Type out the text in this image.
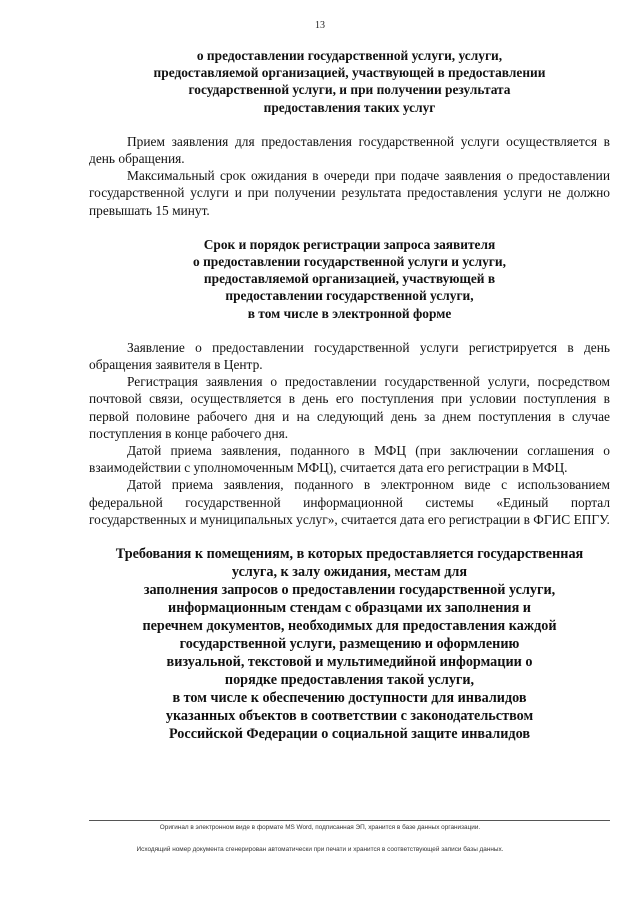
13
о предоставлении государственной услуги, услуги,
предоставляемой организацией, участвующей в предоставлении
государственной услуги, и при получении результата
предоставления таких услуг

Прием заявления для предоставления государственной услуги осуществляется в день обращения.

Максимальный срок ожидания в очереди при подаче заявления о предоставлении государственной услуги и при получении результата предоставления услуги не должно превышать 15 минут.

Срок и порядок регистрации запроса заявителя
о предоставлении государственной услуги и услуги,
предоставляемой организацией, участвующей в
предоставлении государственной услуги,
в том числе в электронной форме

Заявление о предоставлении государственной услуги регистрируется в день обращения заявителя в Центр.

Регистрация заявления о предоставлении государственной услуги, посредством почтовой связи, осуществляется в день его поступления при условии поступления в первой половине рабочего дня и на следующий день за днем поступления в случае поступления в конце рабочего дня.

Датой приема заявления, поданного в МФЦ (при заключении соглашения о взаимодействии с уполномоченным МФЦ), считается дата его регистрации в МФЦ.

Датой приема заявления, поданного в электронном виде с использованием федеральной государственной информационной системы «Единый портал государственных и муниципальных услуг», считается дата его регистрации в ФГИС ЕПГУ.

Требования к помещениям, в которых предоставляется государственная
услуга, к залу ожидания, местам для
заполнения запросов о предоставлении государственной услуги,
информационным стендам с образцами их заполнения и
перечнем документов, необходимых для предоставления каждой
государственной услуги, размещению и оформлению
визуальной, текстовой и мультимедийной информации о
порядке предоставления такой услуги,
в том числе к обеспечению доступности для инвалидов
указанных объектов в соответствии с законодательством
Российской Федерации о социальной защите инвалидов
Оригинал в электронном виде в формате MS Word, подписанная ЭП, хранится в базе данных организации.
Исходящий номер документа сгенерирован автоматически при печати и хранится в соответствующей записи базы данных.
